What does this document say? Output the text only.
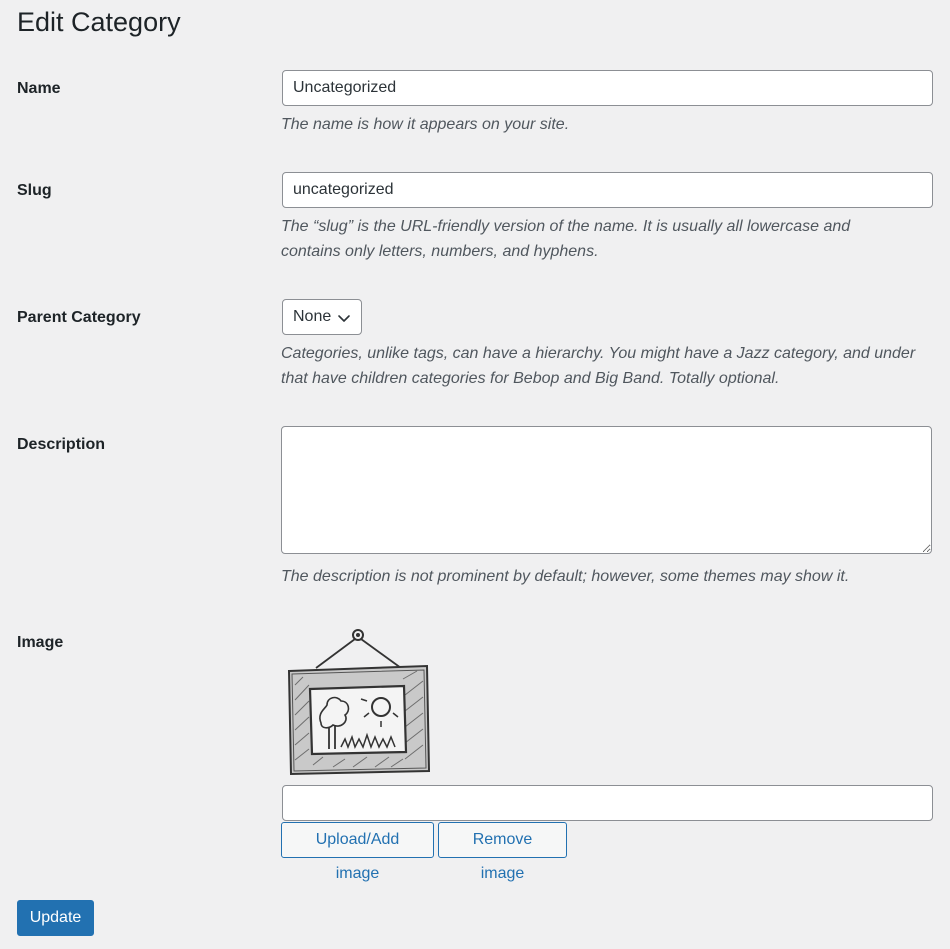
Edit Category
Name
Uncategorized

The name is how it appears on your site.

Slug
uncategorized

The “slug” is the URL-friendly version of the name. It is usually all lowercase and contains only letters, numbers, and hyphens.

Parent Category	None

Categories, unlike tags, can have a hierarchy. You might have a Jazz category, and under that have children categories for Bebop and Big Band. Totally optional.

Description

The description is not prominent by default; however, some themes may show it.

Image
Upload/Add image
Remove image
Update
